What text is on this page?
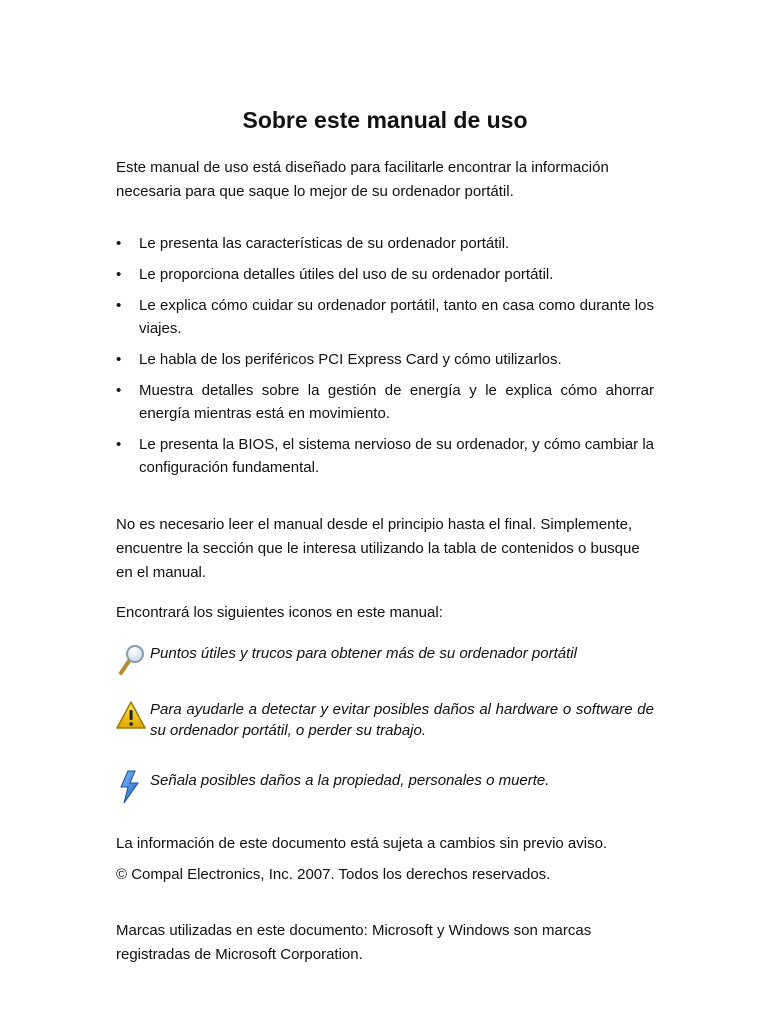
Sobre este manual de uso

Este manual de uso está diseñado para facilitarle encontrar la información necesaria para que saque lo mejor de su ordenador portátil.

• Le presenta las características de su ordenador portátil.
• Le proporciona detalles útiles del uso de su ordenador portátil.
• Le explica cómo cuidar su ordenador portátil, tanto en casa como durante los viajes.
• Le habla de los periféricos PCI Express Card y cómo utilizarlos.
• Muestra detalles sobre la gestión de energía y le explica cómo ahorrar energía mientras está en movimiento.
• Le presenta la BIOS, el sistema nervioso de su ordenador, y cómo cambiar la configuración fundamental.

No es necesario leer el manual desde el principio hasta el final. Simplemente, encuentre la sección que le interesa utilizando la tabla de contenidos o busque en el manual.

Encontrará los siguientes iconos en este manual:

Puntos útiles y trucos para obtener más de su ordenador portátil
Para ayudarle a detectar y evitar posibles daños al hardware o software de su ordenador portátil, o perder su trabajo.
Señala posibles daños a la propiedad, personales o muerte.

La información de este documento está sujeta a cambios sin previo aviso.

© Compal Electronics, Inc. 2007. Todos los derechos reservados.

Marcas utilizadas en este documento: Microsoft y Windows son marcas registradas de Microsoft Corporation.
